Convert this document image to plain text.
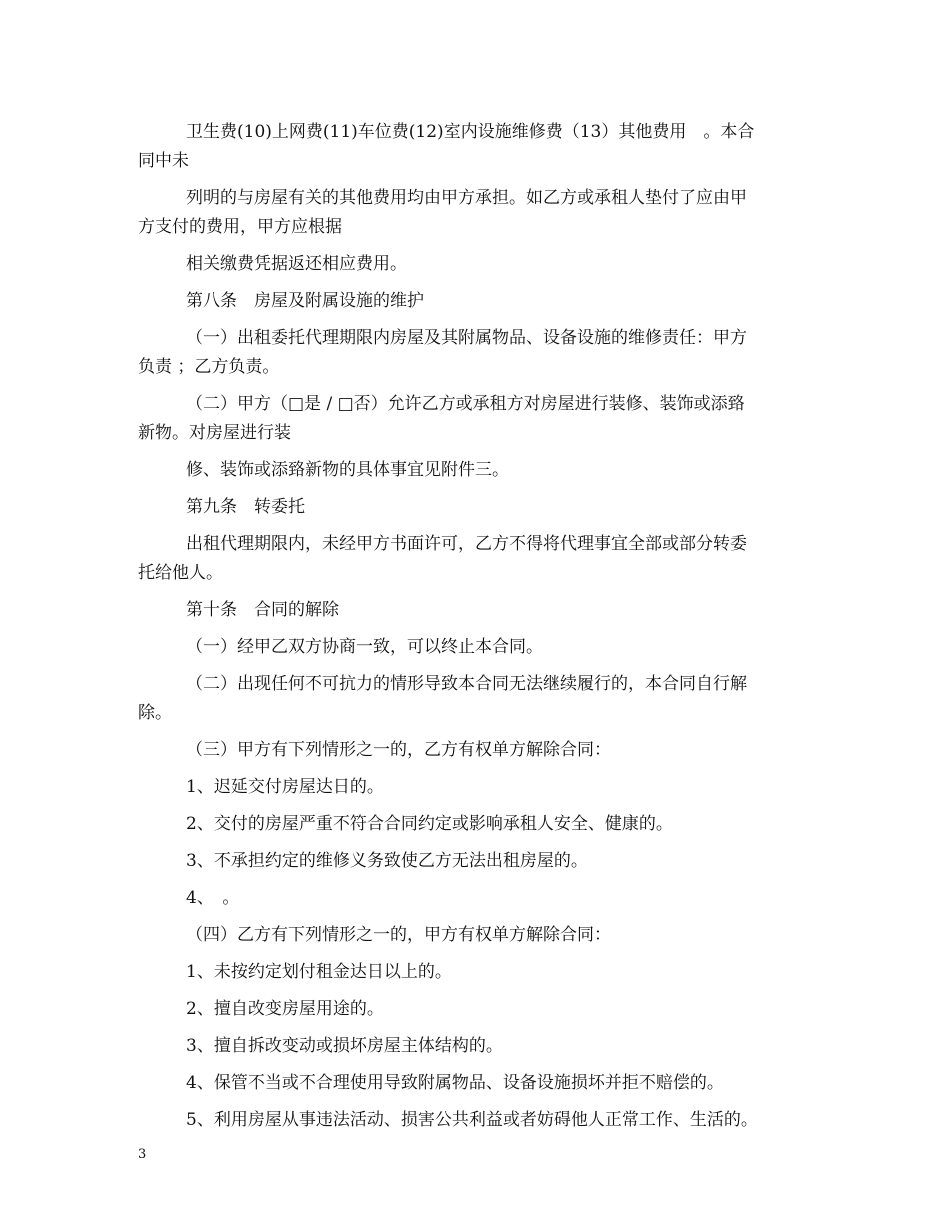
卫生费(10)上网费(11)车位费(12)室内设施维修费（13）其他费用　。本合
同中未
列明的与房屋有关的其他费用均由甲方承担。如乙方或承租人垫付了应由甲
方支付的费用，甲方应根据
相关缴费凭据返还相应费用。
第八条　房屋及附属设施的维护
（一）出租委托代理期限内房屋及其附属物品、设备设施的维修责任：甲方
负责 ；乙方负责。
（二）甲方（□是 / □否）允许乙方或承租方对房屋进行装修、装饰或添臵
新物。对房屋进行装
修、装饰或添臵新物的具体事宜见附件三。
第九条　转委托
出租代理期限内，未经甲方书面许可，乙方不得将代理事宜全部或部分转委
托给他人。
第十条　合同的解除
（一）经甲乙双方协商一致，可以终止本合同。
（二）出现任何不可抗力的情形导致本合同无法继续履行的，本合同自行解
除。
（三）甲方有下列情形之一的，乙方有权单方解除合同：
1、迟延交付房屋达日的。
2、交付的房屋严重不符合合同约定或影响承租人安全、健康的。
3、不承担约定的维修义务致使乙方无法出租房屋的。
4、　。
（四）乙方有下列情形之一的，甲方有权单方解除合同：
1、未按约定划付租金达日以上的。
2、擅自改变房屋用途的。
3、擅自拆改变动或损坏房屋主体结构的。
4、保管不当或不合理使用导致附属物品、设备设施损坏并拒不赔偿的。
5、利用房屋从事违法活动、损害公共利益或者妨碍他人正常工作、生活的。
3
